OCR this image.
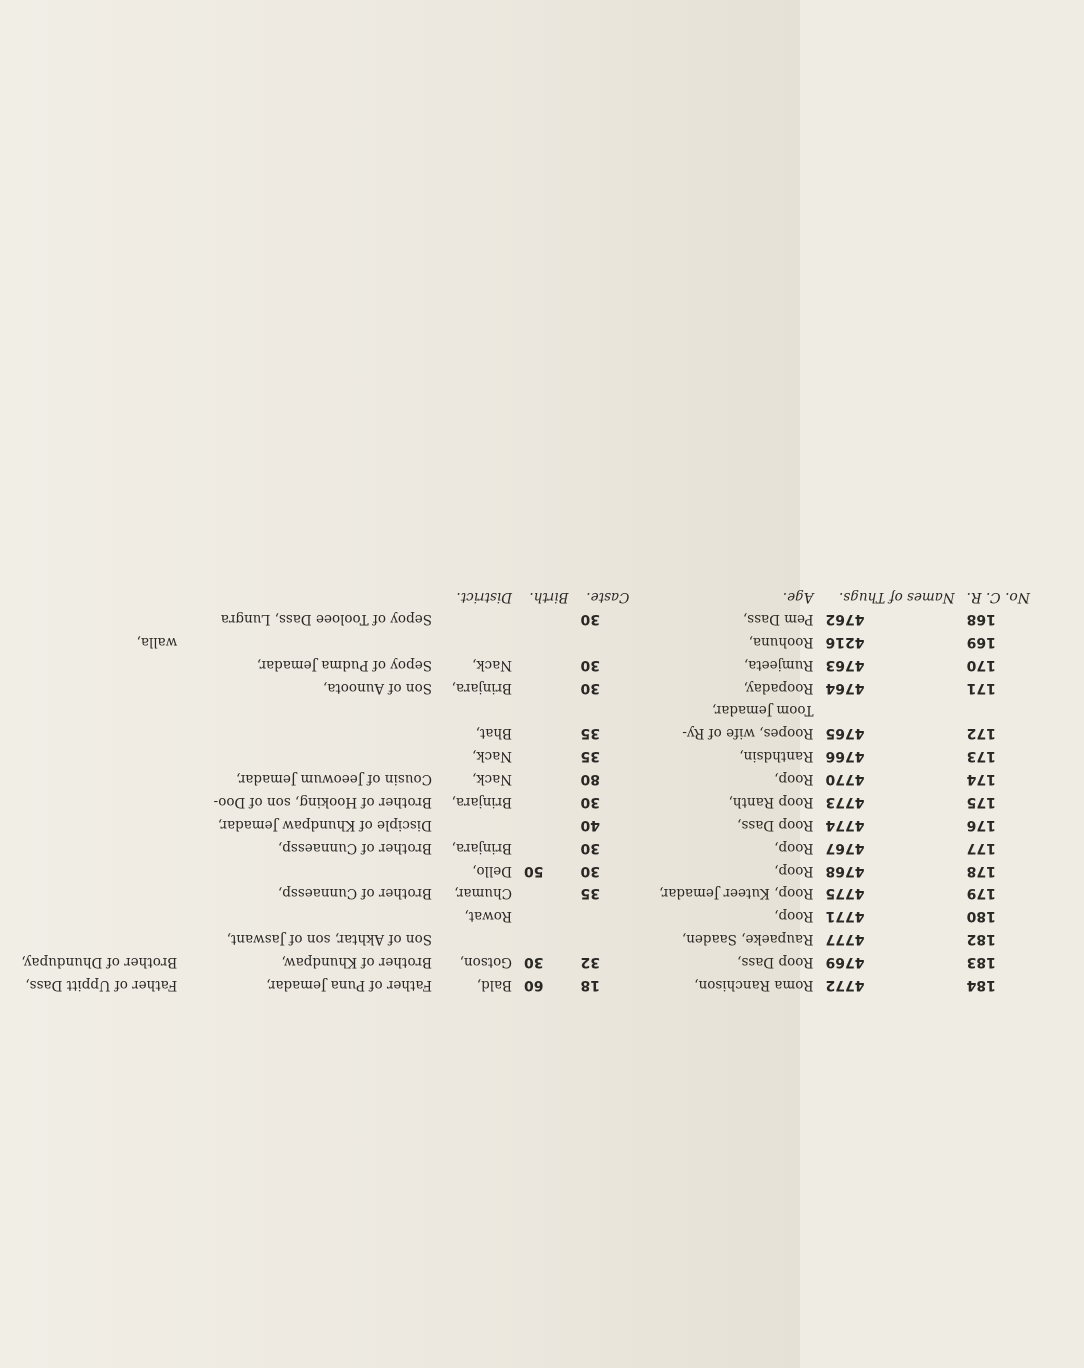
184	4772	Roma Ranchison,	18	60	Bald,	Father of Puna Jemadar,	Father of Uppitt Dass,		
183	4769	Roop Dass,	32	30	Gotson,	Brother of Khundpaw,	Brother of Dhundupay,		
182	4777	Raupaeke, Saaden,				Son of Akhtar, son of Jaswant,			
180	4771	Roop,			Rowat,				
179	4775	Roop, Kuteer Jemadar,	35		Chumar,	Brother of Cunnaessp,			
178	4768	Roop,	30	50	Dello,				
177	4767	Roop,	30		Brinjara,	Brother of Cunnaessp,			
176	4774	Roop Dass,	40			Disciple of Khundpaw Jemadar,			
175	4773	Roop Ranth,	30		Brinjara,	Brother of Hooking, son of Doo-			
174	4770	Roop,	80		Nack,	Cousin of Jeeowum Jemadar,			
173	4766	Ranthdsin,	35		Nack,				
172	4765	Roopes, wife of Ry-	35		Bhat,				
		Toom Jemadar,							
171	4764	Roopaday,	30		Brinjara,	Son of Aunoota,			
170	4763	Rumjeeta,	30		Nack,	Sepoy of Pudma Jemadar,			
169	4216	Roohuna,					walla,		
168	4762	Pem Dass,	30			Sepoy of Tooloee Dass, Lungra			
No. C. R.	Names of Thugs.	Age.	Caste.	Birth.	District.				
